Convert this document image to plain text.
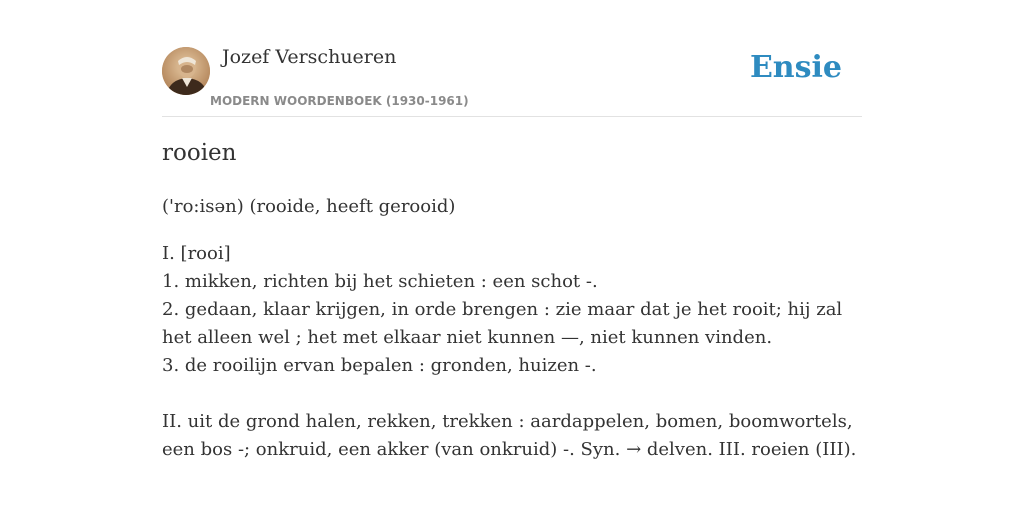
Jozef Verschueren
MODERN WOORDENBOEK (1930-1961)
Ensie
rooien

('ro:isən) (rooide, heeft gerooid)

I. [rooi]

1. mikken, richten bij het schieten : een schot -.

2. gedaan, klaar krijgen, in orde brengen : zie maar dat je het rooit; hij zal het alleen wel ; het met elkaar niet kunnen —, niet kunnen vinden.

3. de rooilijn ervan bepalen : gronden, huizen -.

II. uit de grond halen, rekken, trekken : aardappelen, bomen, boomwortels, een bos -; onkruid, een akker (van onkruid) -. Syn. → delven. III. roeien (III).
